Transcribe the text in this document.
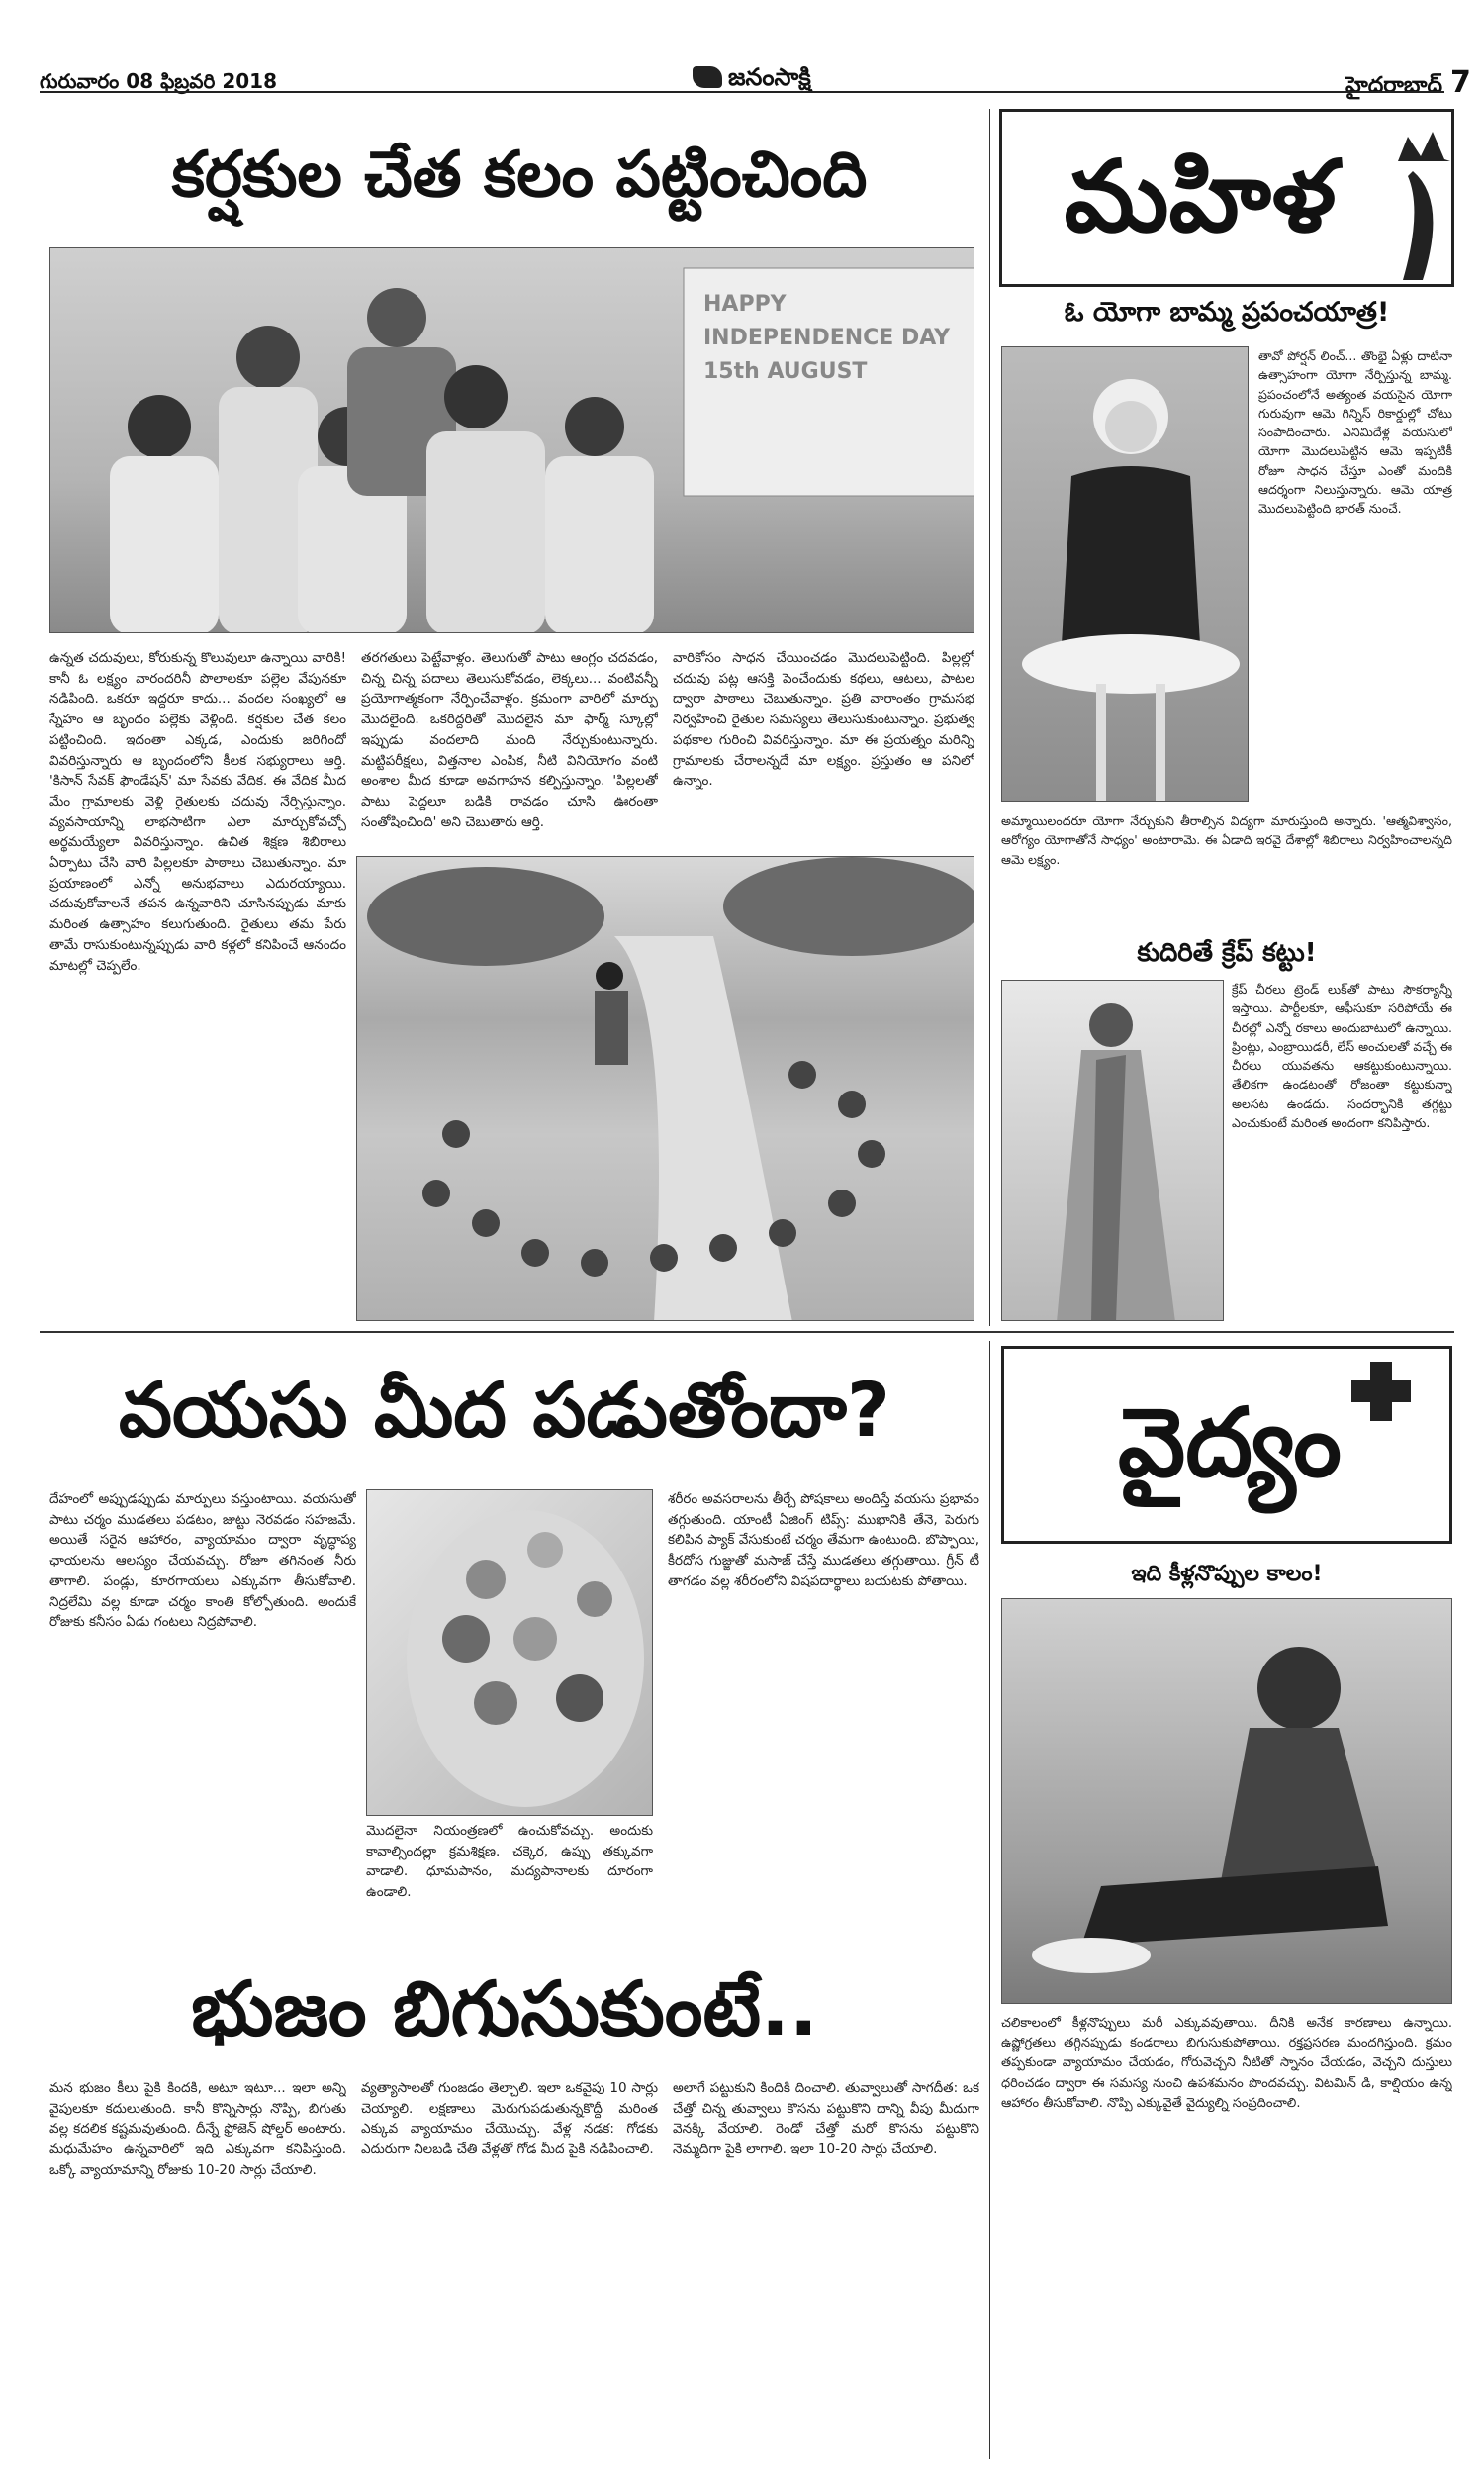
గురువారం 08 ఫిబ్రవరి 2018	జనంసాక్షి	హైదరాబాద్ 7
కర్షకుల చేత కలం పట్టించింది
HAPPY INDEPENDENCE DAY 15th AUGUST
ఉన్నత చదువులు, కోరుకున్న కొలువులూ ఉన్నాయి వారికి! కానీ ఓ లక్ష్యం వారందరినీ పొలాలకూ పల్లెల వేపునకూ నడిపింది. ఒకరూ ఇద్దరూ కాదు... వందల సంఖ్యలో ఆ స్నేహం ఆ బృందం పల్లెకు వెళ్లింది. కర్షకుల చేత కలం పట్టించింది. ఇదంతా ఎక్కడ, ఎందుకు జరిగిందో వివరిస్తున్నారు ఆ బృందంలోని కీలక సభ్యురాలు ఆర్తి. 'కిసాన్ సేవక్ ఫౌండేషన్' మా సేవకు వేదిక. ఈ వేదిక మీద మేం గ్రామాలకు వెళ్లి రైతులకు చదువు నేర్పిస్తున్నాం. వ్యవసాయాన్ని లాభసాటిగా ఎలా మార్చుకోవచ్చో అర్థమయ్యేలా వివరిస్తున్నాం. ఉచిత శిక్షణ శిబిరాలు ఏర్పాటు చేసి వారి పిల్లలకూ పాఠాలు చెబుతున్నాం. మా ప్రయాణంలో ఎన్నో అనుభవాలు ఎదురయ్యాయి. చదువుకోవాలనే తపన ఉన్నవారిని చూసినప్పుడు మాకు మరింత ఉత్సాహం కలుగుతుంది. రైతులు తమ పేరు తామే రాసుకుంటున్నప్పుడు వారి కళ్లలో కనిపించే ఆనందం మాటల్లో చెప్పలేం.
తరగతులు పెట్టేవాళ్లం. తెలుగుతో పాటు ఆంగ్లం చదవడం, చిన్న చిన్న పదాలు తెలుసుకోవడం, లెక్కలు... వంటివన్నీ ప్రయోగాత్మకంగా నేర్పించేవాళ్లం. క్రమంగా వారిలో మార్పు మొదలైంది. ఒకరిద్దరితో మొదలైన మా ఫార్మ్ స్కూల్లో ఇప్పుడు వందలాది మంది నేర్చుకుంటున్నారు. మట్టిపరీక్షలు, విత్తనాల ఎంపిక, నీటి వినియోగం వంటి అంశాల మీద కూడా అవగాహన కల్పిస్తున్నాం. 'పిల్లలతో పాటు పెద్దలూ బడికి రావడం చూసి ఊరంతా సంతోషించింది' అని చెబుతారు ఆర్తి.
వారికోసం సాధన చేయించడం మొదలుపెట్టింది. పిల్లల్లో చదువు పట్ల ఆసక్తి పెంచేందుకు కథలు, ఆటలు, పాటల ద్వారా పాఠాలు చెబుతున్నాం. ప్రతి వారాంతం గ్రామసభ నిర్వహించి రైతుల సమస్యలు తెలుసుకుంటున్నాం. ప్రభుత్వ పథకాల గురించి వివరిస్తున్నాం. మా ఈ ప్రయత్నం మరిన్ని గ్రామాలకు చేరాలన్నదే మా లక్ష్యం. ప్రస్తుతం ఆ పనిలో ఉన్నాం.
మహిళ
ఓ యోగా బామ్మ ప్రపంచయాత్ర!
తావో పోర్షన్ లించ్... తొంభై ఏళ్లు దాటినా ఉత్సాహంగా యోగా నేర్పిస్తున్న బామ్మ. ప్రపంచంలోనే అత్యంత వయసైన యోగా గురువుగా ఆమె గిన్నిస్ రికార్డుల్లో చోటు సంపాదించారు. ఎనిమిదేళ్ల వయసులో యోగా మొదలుపెట్టిన ఆమె ఇప్పటికీ రోజూ సాధన చేస్తూ ఎంతో మందికి ఆదర్శంగా నిలుస్తున్నారు. ఆమె యాత్ర మొదలుపెట్టింది భారత్ నుంచే.
అమ్మాయిలందరూ యోగా నేర్చుకుని తీరాల్సిన విద్యగా మారుస్తుంది అన్నారు. 'ఆత్మవిశ్వాసం, ఆరోగ్యం యోగాతోనే సాధ్యం' అంటారామె. ఈ ఏడాది ఇరవై దేశాల్లో శిబిరాలు నిర్వహించాలన్నది ఆమె లక్ష్యం.
కుదిరితే క్రేప్ కట్టు!
క్రేప్ చీరలు ట్రెండ్ లుక్‌తో పాటు సౌకర్యాన్నీ ఇస్తాయి. పార్టీలకూ, ఆఫీసుకూ సరిపోయే ఈ చీరల్లో ఎన్నో రకాలు అందుబాటులో ఉన్నాయి. ప్రింట్లు, ఎంబ్రాయిడరీ, లేస్ అంచులతో వచ్చే ఈ చీరలు యువతను ఆకట్టుకుంటున్నాయి. తేలికగా ఉండటంతో రోజంతా కట్టుకున్నా అలసట ఉండదు. సందర్భానికి తగ్గట్టు ఎంచుకుంటే మరింత అందంగా కనిపిస్తారు.
వయసు మీద పడుతోందా?
దేహంలో అప్పుడప్పుడు మార్పులు వస్తుంటాయి. వయసుతో పాటు చర్మం ముడతలు పడటం, జుట్టు నెరవడం సహజమే. అయితే సరైన ఆహారం, వ్యాయామం ద్వారా వృద్ధాప్య ఛాయలను ఆలస్యం చేయవచ్చు. రోజూ తగినంత నీరు తాగాలి. పండ్లు, కూరగాయలు ఎక్కువగా తీసుకోవాలి. నిద్రలేమి వల్ల కూడా చర్మం కాంతి కోల్పోతుంది. అందుకే రోజుకు కనీసం ఏడు గంటలు నిద్రపోవాలి.
మొదలైనా నియంత్రణలో ఉంచుకోవచ్చు. అందుకు కావాల్సిందల్లా క్రమశిక్షణ. చక్కెర, ఉప్పు తక్కువగా వాడాలి. ధూమపానం, మద్యపానాలకు దూరంగా ఉండాలి.
శరీరం అవసరాలను తీర్చే పోషకాలు అందిస్తే వయసు ప్రభావం తగ్గుతుంది. యాంటీ ఏజింగ్ టిప్స్: ముఖానికి తేనె, పెరుగు కలిపిన ప్యాక్ వేసుకుంటే చర్మం తేమగా ఉంటుంది. బొప్పాయి, కీరదోస గుజ్జుతో మసాజ్ చేస్తే ముడతలు తగ్గుతాయి. గ్రీన్ టీ తాగడం వల్ల శరీరంలోని విషపదార్థాలు బయటకు పోతాయి.
భుజం బిగుసుకుంటే..
మన భుజం కీలు పైకి కిందకి, అటూ ఇటూ... ఇలా అన్ని వైపులకూ కదులుతుంది. కానీ కొన్నిసార్లు నొప్పి, బిగుతు వల్ల కదలిక కష్టమవుతుంది. దీన్నే ఫ్రోజెన్ షోల్డర్ అంటారు. మధుమేహం ఉన్నవారిలో ఇది ఎక్కువగా కనిపిస్తుంది. ఒక్కో వ్యాయామాన్ని రోజుకు 10-20 సార్లు చేయాలి.
వ్యత్యాసాలతో గుంజడం తెల్చాలి. ఇలా ఒకవైపు 10 సార్లు చెయ్యాలి. లక్షణాలు మెరుగుపడుతున్నకొద్దీ మరింత ఎక్కువ వ్యాయామం చేయొచ్చు. వేళ్ల నడక: గోడకు ఎదురుగా నిలబడి చేతి వేళ్లతో గోడ మీద పైకి నడిపించాలి.
అలాగే పట్టుకుని కిందికి దించాలి. తువ్వాలుతో సాగదీత: ఒక చేత్తో చిన్న తువ్వాలు కొసను పట్టుకొని దాన్ని వీపు మీదుగా వెనక్కి వేయాలి. రెండో చేత్తో మరో కొసను పట్టుకొని నెమ్మదిగా పైకి లాగాలి. ఇలా 10-20 సార్లు చేయాలి.
వైద్యం
ఇది కీళ్లనొప్పుల కాలం!
చలికాలంలో కీళ్లనొప్పులు మరీ ఎక్కువవుతాయి. దీనికి అనేక కారణాలు ఉన్నాయి. ఉష్ణోగ్రతలు తగ్గినప్పుడు కండరాలు బిగుసుకుపోతాయి. రక్తప్రసరణ మందగిస్తుంది. క్రమం తప్పకుండా వ్యాయామం చేయడం, గోరువెచ్చని నీటితో స్నానం చేయడం, వెచ్చని దుస్తులు ధరించడం ద్వారా ఈ సమస్య నుంచి ఉపశమనం పొందవచ్చు. విటమిన్ డి, కాల్షియం ఉన్న ఆహారం తీసుకోవాలి. నొప్పి ఎక్కువైతే వైద్యుల్ని సంప్రదించాలి.
